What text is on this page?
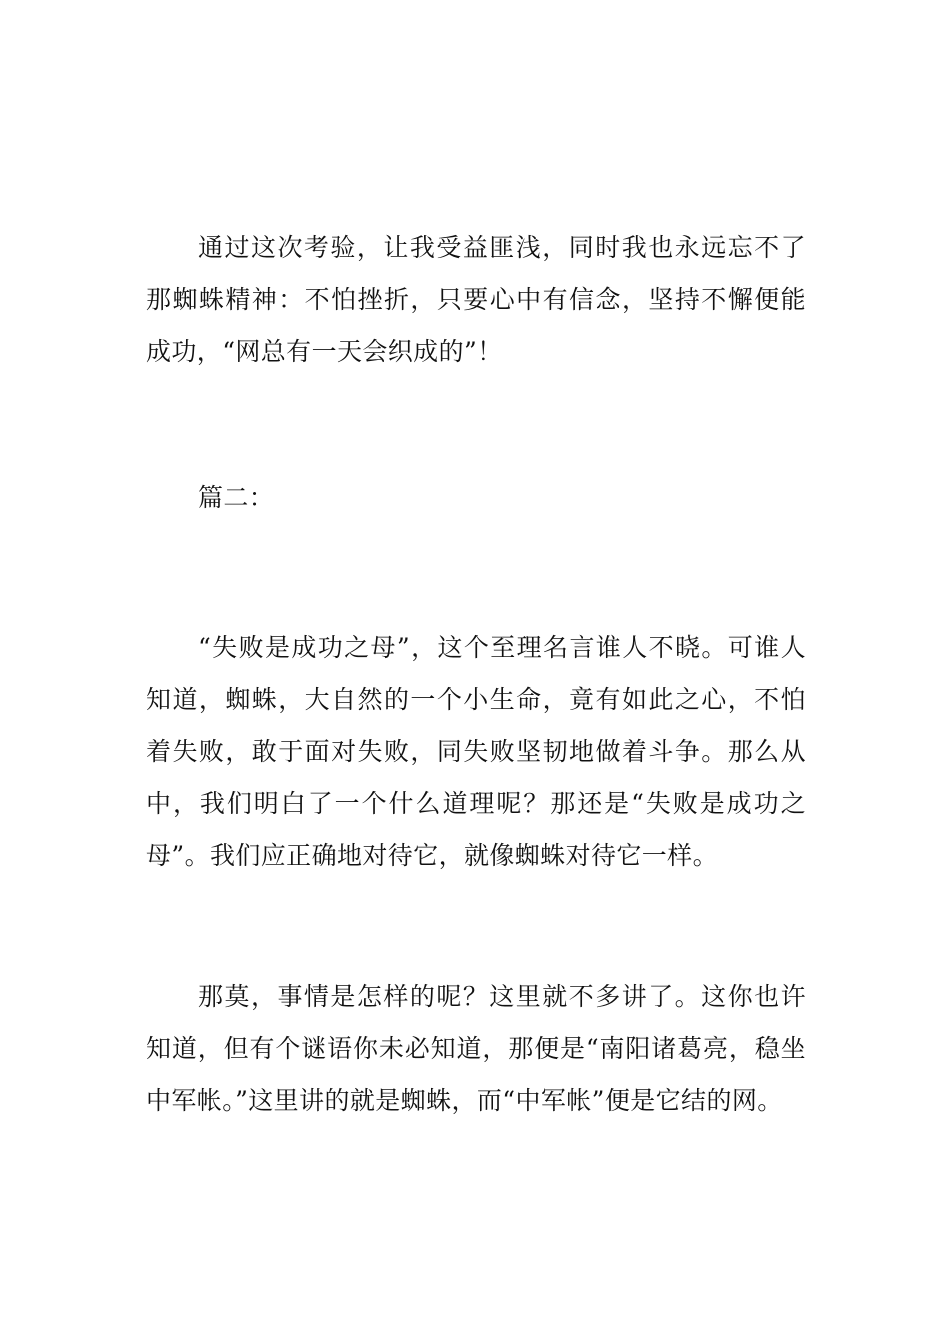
通过这次考验，让我受益匪浅，同时我也永远忘不了那蜘蛛精神：不怕挫折，只要心中有信念，坚持不懈便能成功，“网总有一天会织成的”！

篇二：

“失败是成功之母”，这个至理名言谁人不晓。可谁人知道，蜘蛛，大自然的一个小生命，竟有如此之心，不怕着失败，敢于面对失败，同失败坚韧地做着斗争。那么从中，我们明白了一个什么道理呢？那还是“失败是成功之母”。我们应正确地对待它，就像蜘蛛对待它一样。

那莫，事情是怎样的呢？这里就不多讲了。这你也许知道，但有个谜语你未必知道，那便是“南阳诸葛亮，稳坐中军帐。”这里讲的就是蜘蛛，而“中军帐”便是它结的网。
